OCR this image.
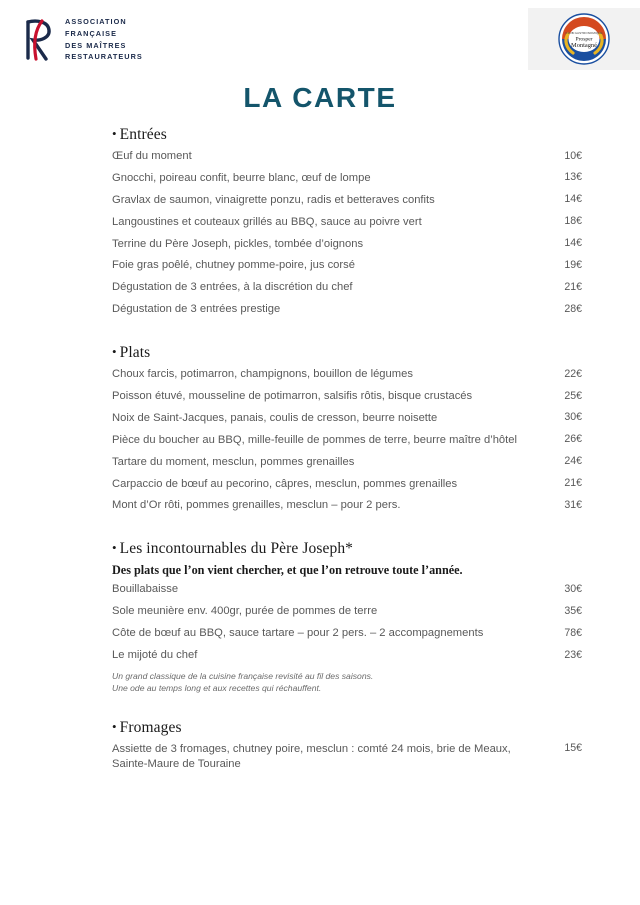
ASSOCIATION
FRANÇAISE
DES MAÎTRES
RESTAURATEURS
CLUB GASTRONOMIQUE
Prosper
Montagné
LA CARTE
• Entrées
Œuf du moment	10€
Gnocchi, poireau confit, beurre blanc, œuf de lompe	13€
Gravlax de saumon, vinaigrette ponzu, radis et betteraves confits	14€
Langoustines et couteaux grillés au BBQ, sauce au poivre vert	18€
Terrine du Père Joseph, pickles, tombée d’oignons	14€
Foie gras poêlé, chutney pomme-poire, jus corsé	19€
Dégustation de 3 entrées, à la discrétion du chef	21€
Dégustation de 3 entrées prestige	28€
• Plats
Choux farcis, potimarron, champignons, bouillon de légumes	22€
Poisson étuvé, mousseline de potimarron, salsifis rôtis, bisque crustacés	25€
Noix de Saint-Jacques, panais, coulis de cresson, beurre noisette	30€
Pièce du boucher au BBQ, mille-feuille de pommes de terre, beurre maître d’hôtel	26€
Tartare du moment, mesclun, pommes grenailles	24€
Carpaccio de bœuf au pecorino, câpres, mesclun, pommes grenailles	21€
Mont d’Or rôti, pommes grenailles, mesclun – pour 2 pers.	31€
• Les incontournables du Père Joseph*
Des plats que l’on vient chercher, et que l’on retrouve toute l’année.
Bouillabaisse	30€
Sole meunière env. 400gr, purée de pommes de terre	35€
Côte de bœuf au BBQ, sauce tartare – pour 2 pers. – 2 accompagnements	78€
Le mijoté du chef	23€
Un grand classique de la cuisine française revisité au fil des saisons.
Une ode au temps long et aux recettes qui réchauffent.
• Fromages
Assiette de 3 fromages, chutney poire, mesclun : comté 24 mois, brie de Meaux, Sainte-Maure de Touraine
15€
